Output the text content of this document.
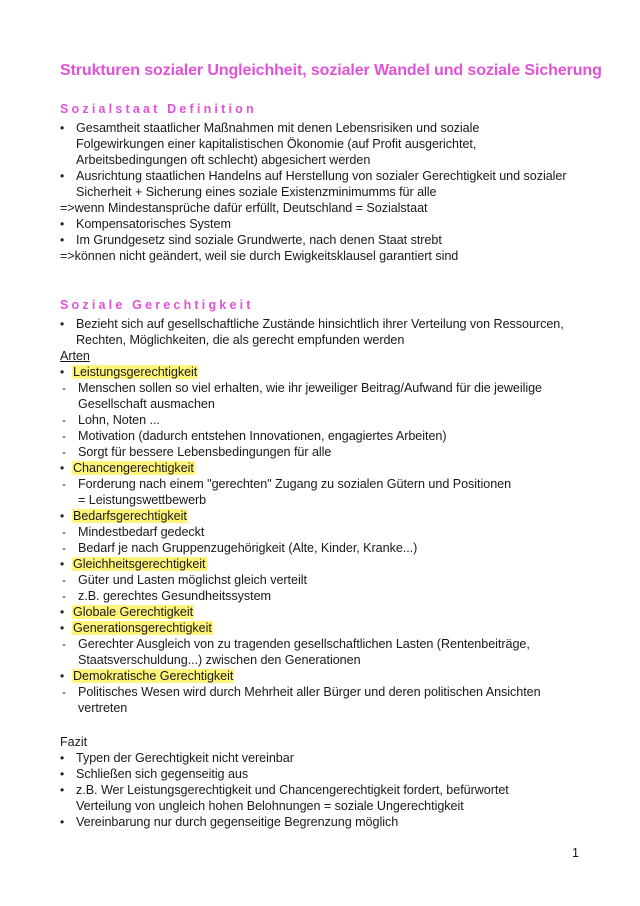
Strukturen sozialer Ungleichheit, sozialer Wandel und soziale Sicherung
Sozialstaat Definition
• Gesamtheit staatlicher Maßnahmen mit denen Lebensrisiken und soziale
Folgewirkungen einer kapitalistischen Ökonomie (auf Profit ausgerichtet,
Arbeitsbedingungen oft schlecht) abgesichert werden
• Ausrichtung staatlichen Handelns auf Herstellung von sozialer Gerechtigkeit und sozialer
Sicherheit + Sicherung eines soziale Existenzminimumms für alle
=>wenn Mindestansprüche dafür erfüllt, Deutschland = Sozialstaat
• Kompensatorisches System
• Im Grundgesetz sind soziale Grundwerte, nach denen Staat strebt
=>können nicht geändert, weil sie durch Ewigkeitsklausel garantiert sind
Soziale Gerechtigkeit
• Bezieht sich auf gesellschaftliche Zustände hinsichtlich ihrer Verteilung von Ressourcen,
Rechten, Möglichkeiten, die als gerecht empfunden werden
Arten
• Leistungsgerechtigkeit
- Menschen sollen so viel erhalten, wie ihr jeweiliger Beitrag/Aufwand für die jeweilige
Gesellschaft ausmachen
- Lohn, Noten ...
- Motivation (dadurch entstehen Innovationen, engagiertes Arbeiten)
- Sorgt für bessere Lebensbedingungen für alle
• Chancengerechtigkeit
- Forderung nach einem "gerechten" Zugang zu sozialen Gütern und Positionen
= Leistungswettbewerb
• Bedarfsgerechtigkeit
- Mindestbedarf gedeckt
- Bedarf je nach Gruppenzugehörigkeit (Alte, Kinder, Kranke...)
• Gleichheitsgerechtigkeit
- Güter und Lasten möglichst gleich verteilt
- z.B. gerechtes Gesundheitssystem
• Globale Gerechtigkeit
• Generationsgerechtigkeit
- Gerechter Ausgleich von zu tragenden gesellschaftlichen Lasten (Rentenbeiträge,
Staatsverschuldung...) zwischen den Generationen
• Demokratische Gerechtigkeit
- Politisches Wesen wird durch Mehrheit aller Bürger und deren politischen Ansichten
vertreten
Fazit
• Typen der Gerechtigkeit nicht vereinbar
• Schließen sich gegenseitig aus
• z.B. Wer Leistungsgerechtigkeit und Chancengerechtigkeit fordert, befürwortet
Verteilung von ungleich hohen Belohnungen = soziale Ungerechtigkeit
• Vereinbarung nur durch gegenseitige Begrenzung möglich
1
